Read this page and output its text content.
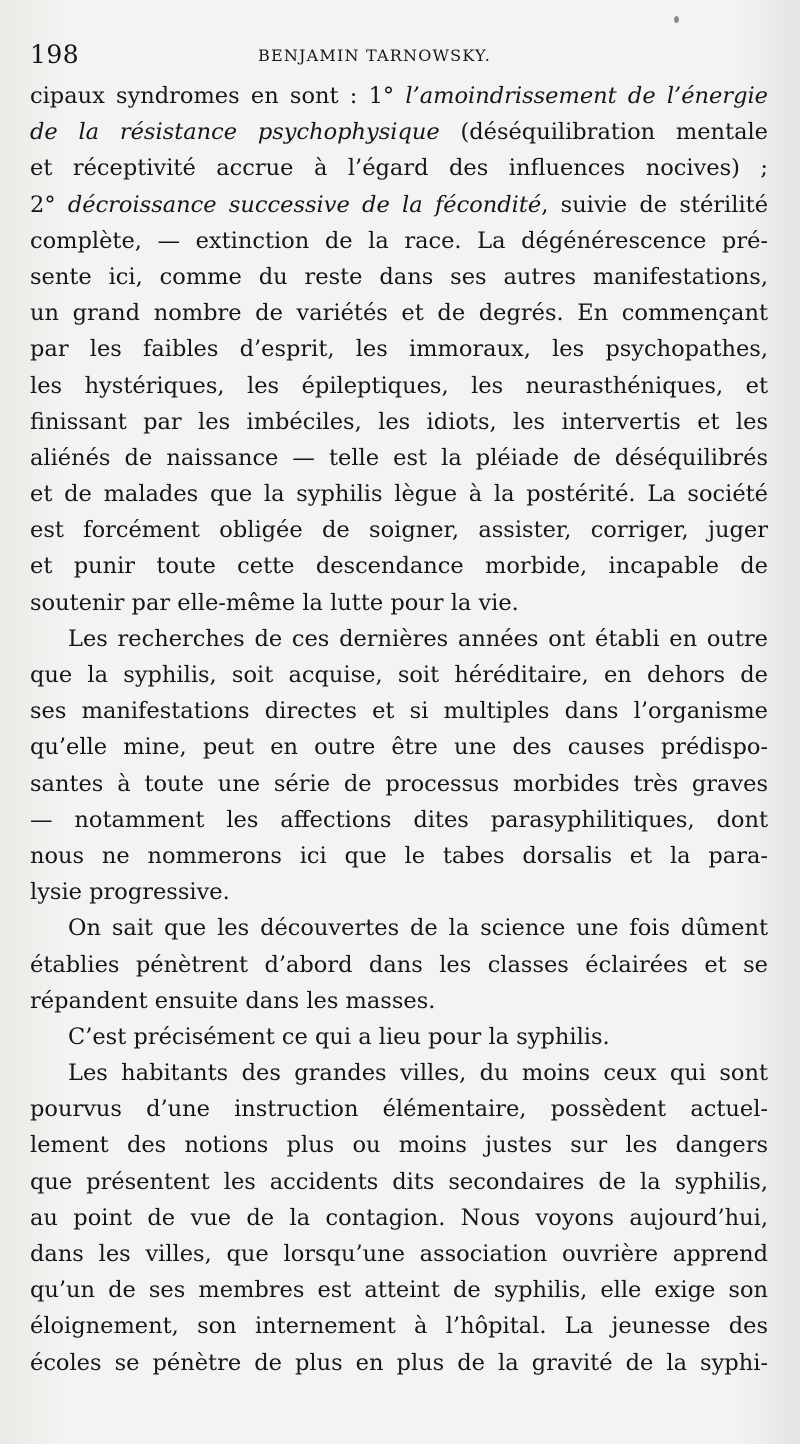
198	BENJAMIN TARNOWSKY.
cipaux syndromes en sont : 1° l’amoindrissement de l’énergie
de la résistance psychophysique (déséquilibration mentale
et réceptivité accrue à l’égard des influences nocives) ;
2° décroissance successive de la fécondité, suivie de stérilité
complète, — extinction de la race. La dégénérescence pré-
sente ici, comme du reste dans ses autres manifestations,
un grand nombre de variétés et de degrés. En commençant
par les faibles d’esprit, les immoraux, les psychopathes,
les hystériques, les épileptiques, les neurasthéniques, et
finissant par les imbéciles, les idiots, les intervertis et les
aliénés de naissance — telle est la pléiade de déséquilibrés
et de malades que la syphilis lègue à la postérité. La société
est forcément obligée de soigner, assister, corriger, juger
et punir toute cette descendance morbide, incapable de
soutenir par elle-même la lutte pour la vie.
Les recherches de ces dernières années ont établi en outre
que la syphilis, soit acquise, soit héréditaire, en dehors de
ses manifestations directes et si multiples dans l’organisme
qu’elle mine, peut en outre être une des causes prédispo-
santes à toute une série de processus morbides très graves
— notamment les affections dites parasyphilitiques, dont
nous ne nommerons ici que le tabes dorsalis et la para-
lysie progressive.
On sait que les découvertes de la science une fois dûment
établies pénètrent d’abord dans les classes éclairées et se
répandent ensuite dans les masses.
C’est précisément ce qui a lieu pour la syphilis.
Les habitants des grandes villes, du moins ceux qui sont
pourvus d’une instruction élémentaire, possèdent actuel-
lement des notions plus ou moins justes sur les dangers
que présentent les accidents dits secondaires de la syphilis,
au point de vue de la contagion. Nous voyons aujourd’hui,
dans les villes, que lorsqu’une association ouvrière apprend
qu’un de ses membres est atteint de syphilis, elle exige son
éloignement, son internement à l’hôpital. La jeunesse des
écoles se pénètre de plus en plus de la gravité de la syphi-
